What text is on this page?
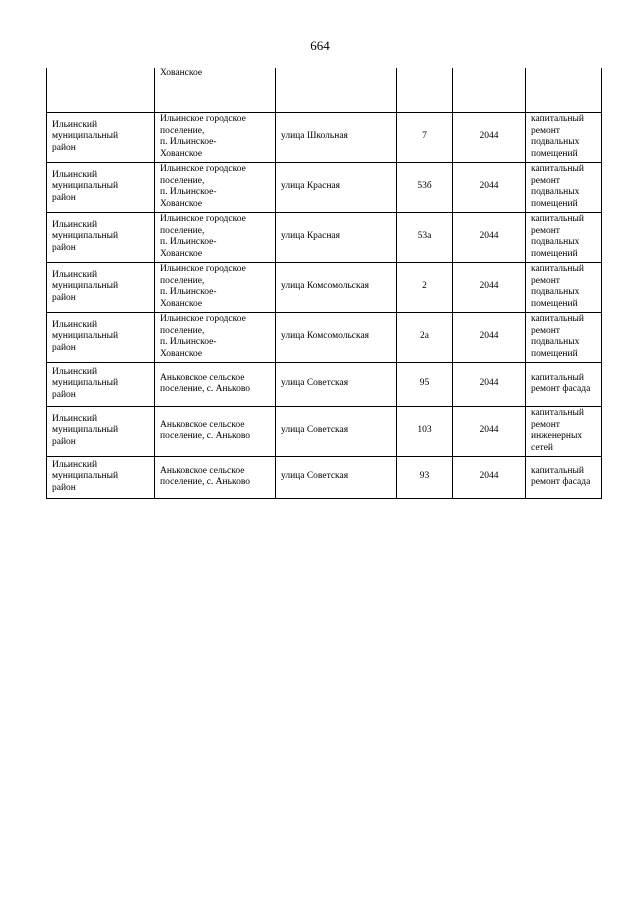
664

	Хованское				

Ильинский
муниципальный
район	Ильинское городское
поселение,
п. Ильинское-
Хованское	улица Школьная	7	2044	капитальный
ремонт
подвальных
помещений

Ильинский
муниципальный
район	Ильинское городское
поселение,
п. Ильинское-
Хованское	улица Красная	53б	2044	капитальный
ремонт
подвальных
помещений

Ильинский
муниципальный
район	Ильинское городское
поселение,
п. Ильинское-
Хованское	улица Красная	53а	2044	капитальный
ремонт
подвальных
помещений

Ильинский
муниципальный
район	Ильинское городское
поселение,
п. Ильинское-
Хованское	улица Комсомольская	2	2044	капитальный
ремонт
подвальных
помещений

Ильинский
муниципальный
район	Ильинское городское
поселение,
п. Ильинское-
Хованское	улица Комсомольская	2а	2044	капитальный
ремонт
подвальных
помещений

Ильинский
муниципальный
район	Аньковское сельское
поселение, с. Аньково	улица Советская	95	2044	капитальный
ремонт фасада

Ильинский
муниципальный
район	Аньковское сельское
поселение, с. Аньково	улица Советская	103	2044	капитальный
ремонт
инженерных
сетей

Ильинский
муниципальный
район	Аньковское сельское
поселение, с. Аньково	улица Советская	93	2044	капитальный
ремонт фасада
